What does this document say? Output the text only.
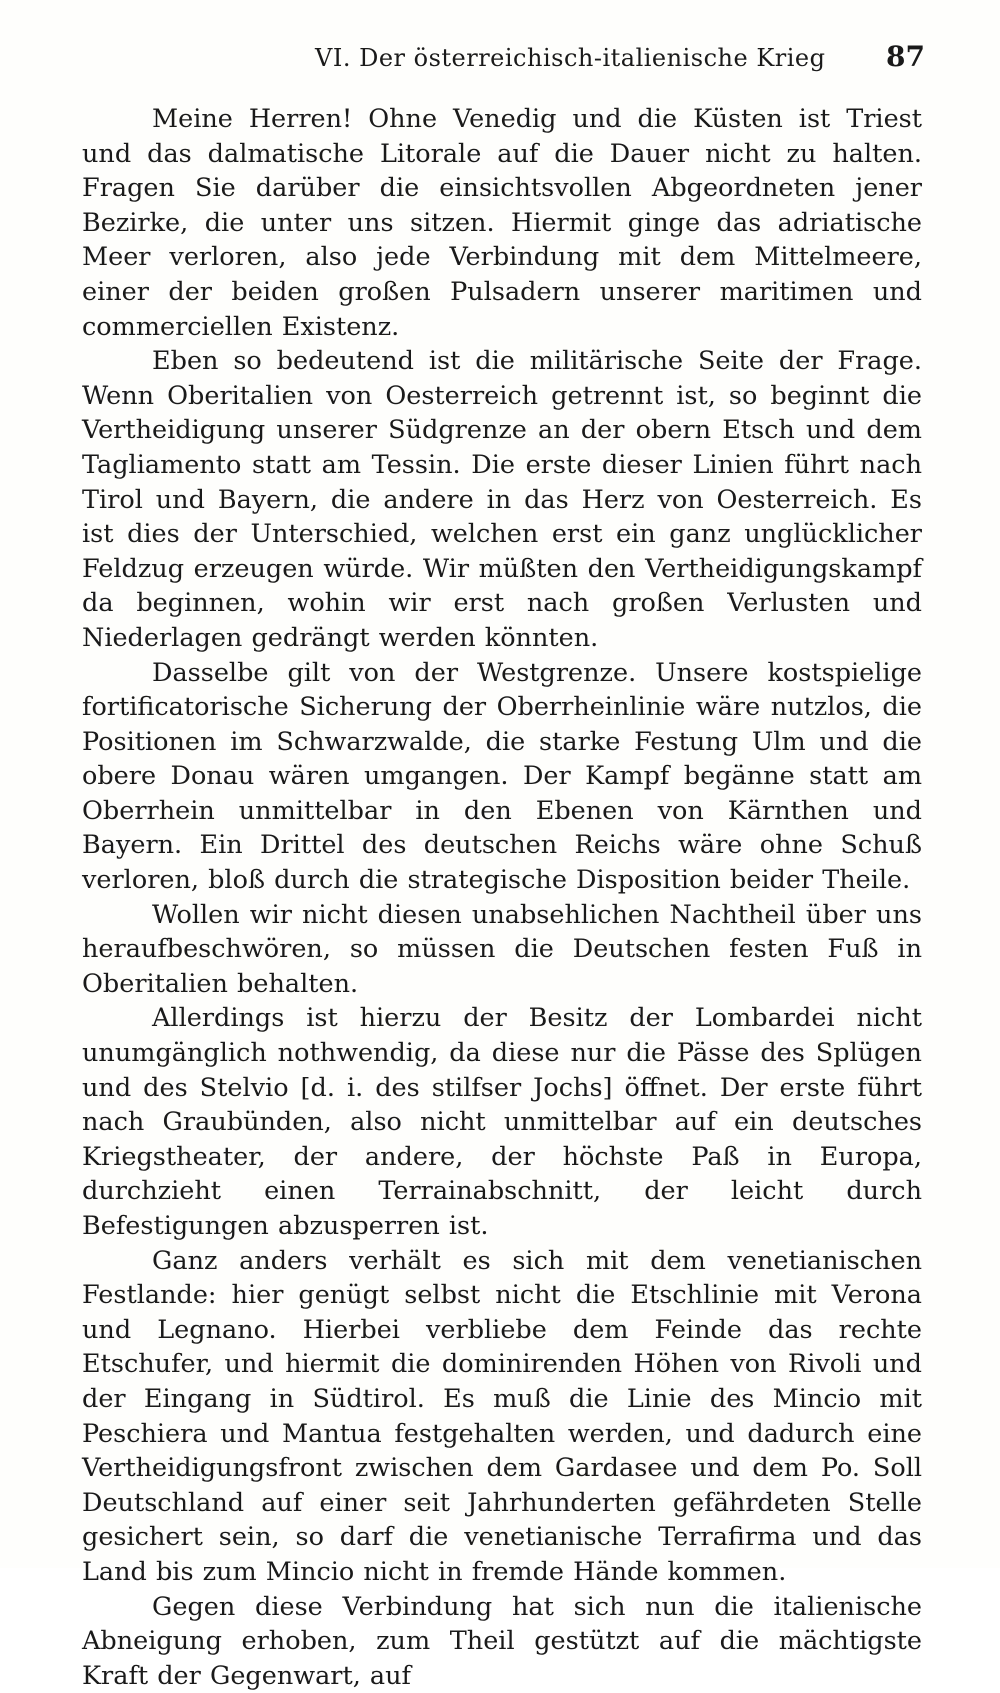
VI. Der österreichisch-italienische Krieg 87

Meine Herren! Ohne Venedig und die Küsten ist Triest und das dalmatische Litorale auf die Dauer nicht zu halten. Fragen Sie darüber die einsichtsvollen Abgeordneten jener Bezirke, die unter uns sitzen. Hiermit ginge das adriatische Meer verloren, also jede Verbindung mit dem Mittelmeere, einer der beiden großen Pulsadern unserer maritimen und commerciellen Existenz.

Eben so bedeutend ist die militärische Seite der Frage. Wenn Oberitalien von Oesterreich getrennt ist, so beginnt die Vertheidigung unserer Südgrenze an der obern Etsch und dem Tagliamento statt am Tessin. Die erste dieser Linien führt nach Tirol und Bayern, die andere in das Herz von Oesterreich. Es ist dies der Unterschied, welchen erst ein ganz unglücklicher Feldzug erzeugen würde. Wir müßten den Vertheidigungskampf da beginnen, wohin wir erst nach großen Verlusten und Niederlagen gedrängt werden könnten.

Dasselbe gilt von der Westgrenze. Unsere kostspielige fortificatorische Sicherung der Oberrheinlinie wäre nutzlos, die Positionen im Schwarzwalde, die starke Festung Ulm und die obere Donau wären umgangen. Der Kampf begänne statt am Oberrhein unmittelbar in den Ebenen von Kärnthen und Bayern. Ein Drittel des deutschen Reichs wäre ohne Schuß verloren, bloß durch die strategische Disposition beider Theile.

Wollen wir nicht diesen unabsehlichen Nachtheil über uns heraufbeschwören, so müssen die Deutschen festen Fuß in Oberitalien behalten.

Allerdings ist hierzu der Besitz der Lombardei nicht unumgänglich nothwendig, da diese nur die Pässe des Splügen und des Stelvio [d. i. des stilfser Jochs] öffnet. Der erste führt nach Graubünden, also nicht unmittelbar auf ein deutsches Kriegstheater, der andere, der höchste Paß in Europa, durchzieht einen Terrainabschnitt, der leicht durch Befestigungen abzusperren ist.

Ganz anders verhält es sich mit dem venetianischen Festlande: hier genügt selbst nicht die Etschlinie mit Verona und Legnano. Hierbei verbliebe dem Feinde das rechte Etschufer, und hiermit die dominirenden Höhen von Rivoli und der Eingang in Südtirol. Es muß die Linie des Mincio mit Peschiera und Mantua festgehalten werden, und dadurch eine Vertheidigungsfront zwischen dem Gardasee und dem Po. Soll Deutschland auf einer seit Jahrhunderten gefährdeten Stelle gesichert sein, so darf die venetianische Terrafirma und das Land bis zum Mincio nicht in fremde Hände kommen.

Gegen diese Verbindung hat sich nun die italienische Abneigung erhoben, zum Theil gestützt auf die mächtigste Kraft der Gegenwart, auf
